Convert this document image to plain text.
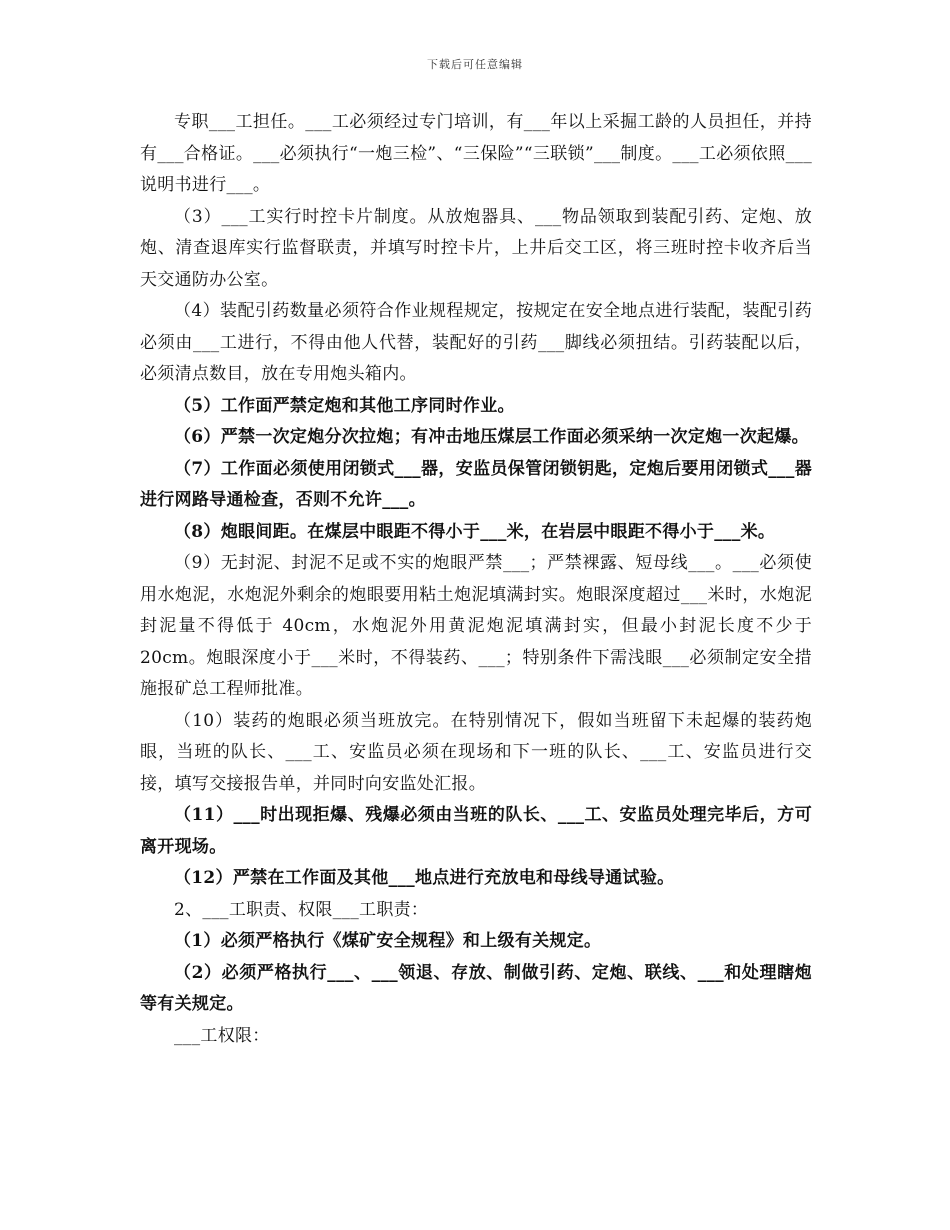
下载后可任意编辑

专职___工担任。___工必须经过专门培训，有___年以上采掘工龄的人员担任，并持有___合格证。___必须执行“一炮三检”、“三保险”“三联锁”___制度。___工必须依照___说明书进行___。

（3）___工实行时控卡片制度。从放炮器具、___物品领取到装配引药、定炮、放炮、清查退库实行监督联责，并填写时控卡片，上井后交工区，将三班时控卡收齐后当天交通防办公室。

（4）装配引药数量必须符合作业规程规定，按规定在安全地点进行装配，装配引药必须由___工进行，不得由他人代替，装配好的引药___脚线必须扭结。引药装配以后，必须清点数目，放在专用炮头箱内。

（5）工作面严禁定炮和其他工序同时作业。

（6）严禁一次定炮分次拉炮；有冲击地压煤层工作面必须采纳一次定炮一次起爆。

（7）工作面必须使用闭锁式___器，安监员保管闭锁钥匙，定炮后要用闭锁式___器进行网路导通检查，否则不允许___。

（8）炮眼间距。在煤层中眼距不得小于___米，在岩层中眼距不得小于___米。

（9）无封泥、封泥不足或不实的炮眼严禁___；严禁裸露、短母线___。___必须使用水炮泥，水炮泥外剩余的炮眼要用粘土炮泥填满封实。炮眼深度超过___米时，水炮泥封泥量不得低于 40cm，水炮泥外用黄泥炮泥填满封实，但最小封泥长度不少于 20cm。炮眼深度小于___米时，不得装药、___；特别条件下需浅眼___必须制定安全措施报矿总工程师批准。

（10）装药的炮眼必须当班放完。在特别情况下，假如当班留下未起爆的装药炮眼，当班的队长、___工、安监员必须在现场和下一班的队长、___工、安监员进行交接，填写交接报告单，并同时向安监处汇报。

（11）___时出现拒爆、残爆必须由当班的队长、___工、安监员处理完毕后，方可离开现场。

（12）严禁在工作面及其他___地点进行充放电和母线导通试验。

2、___工职责、权限___工职责：

（1）必须严格执行《煤矿安全规程》和上级有关规定。

（2）必须严格执行___、___领退、存放、制做引药、定炮、联线、___和处理瞎炮等有关规定。

___工权限：
